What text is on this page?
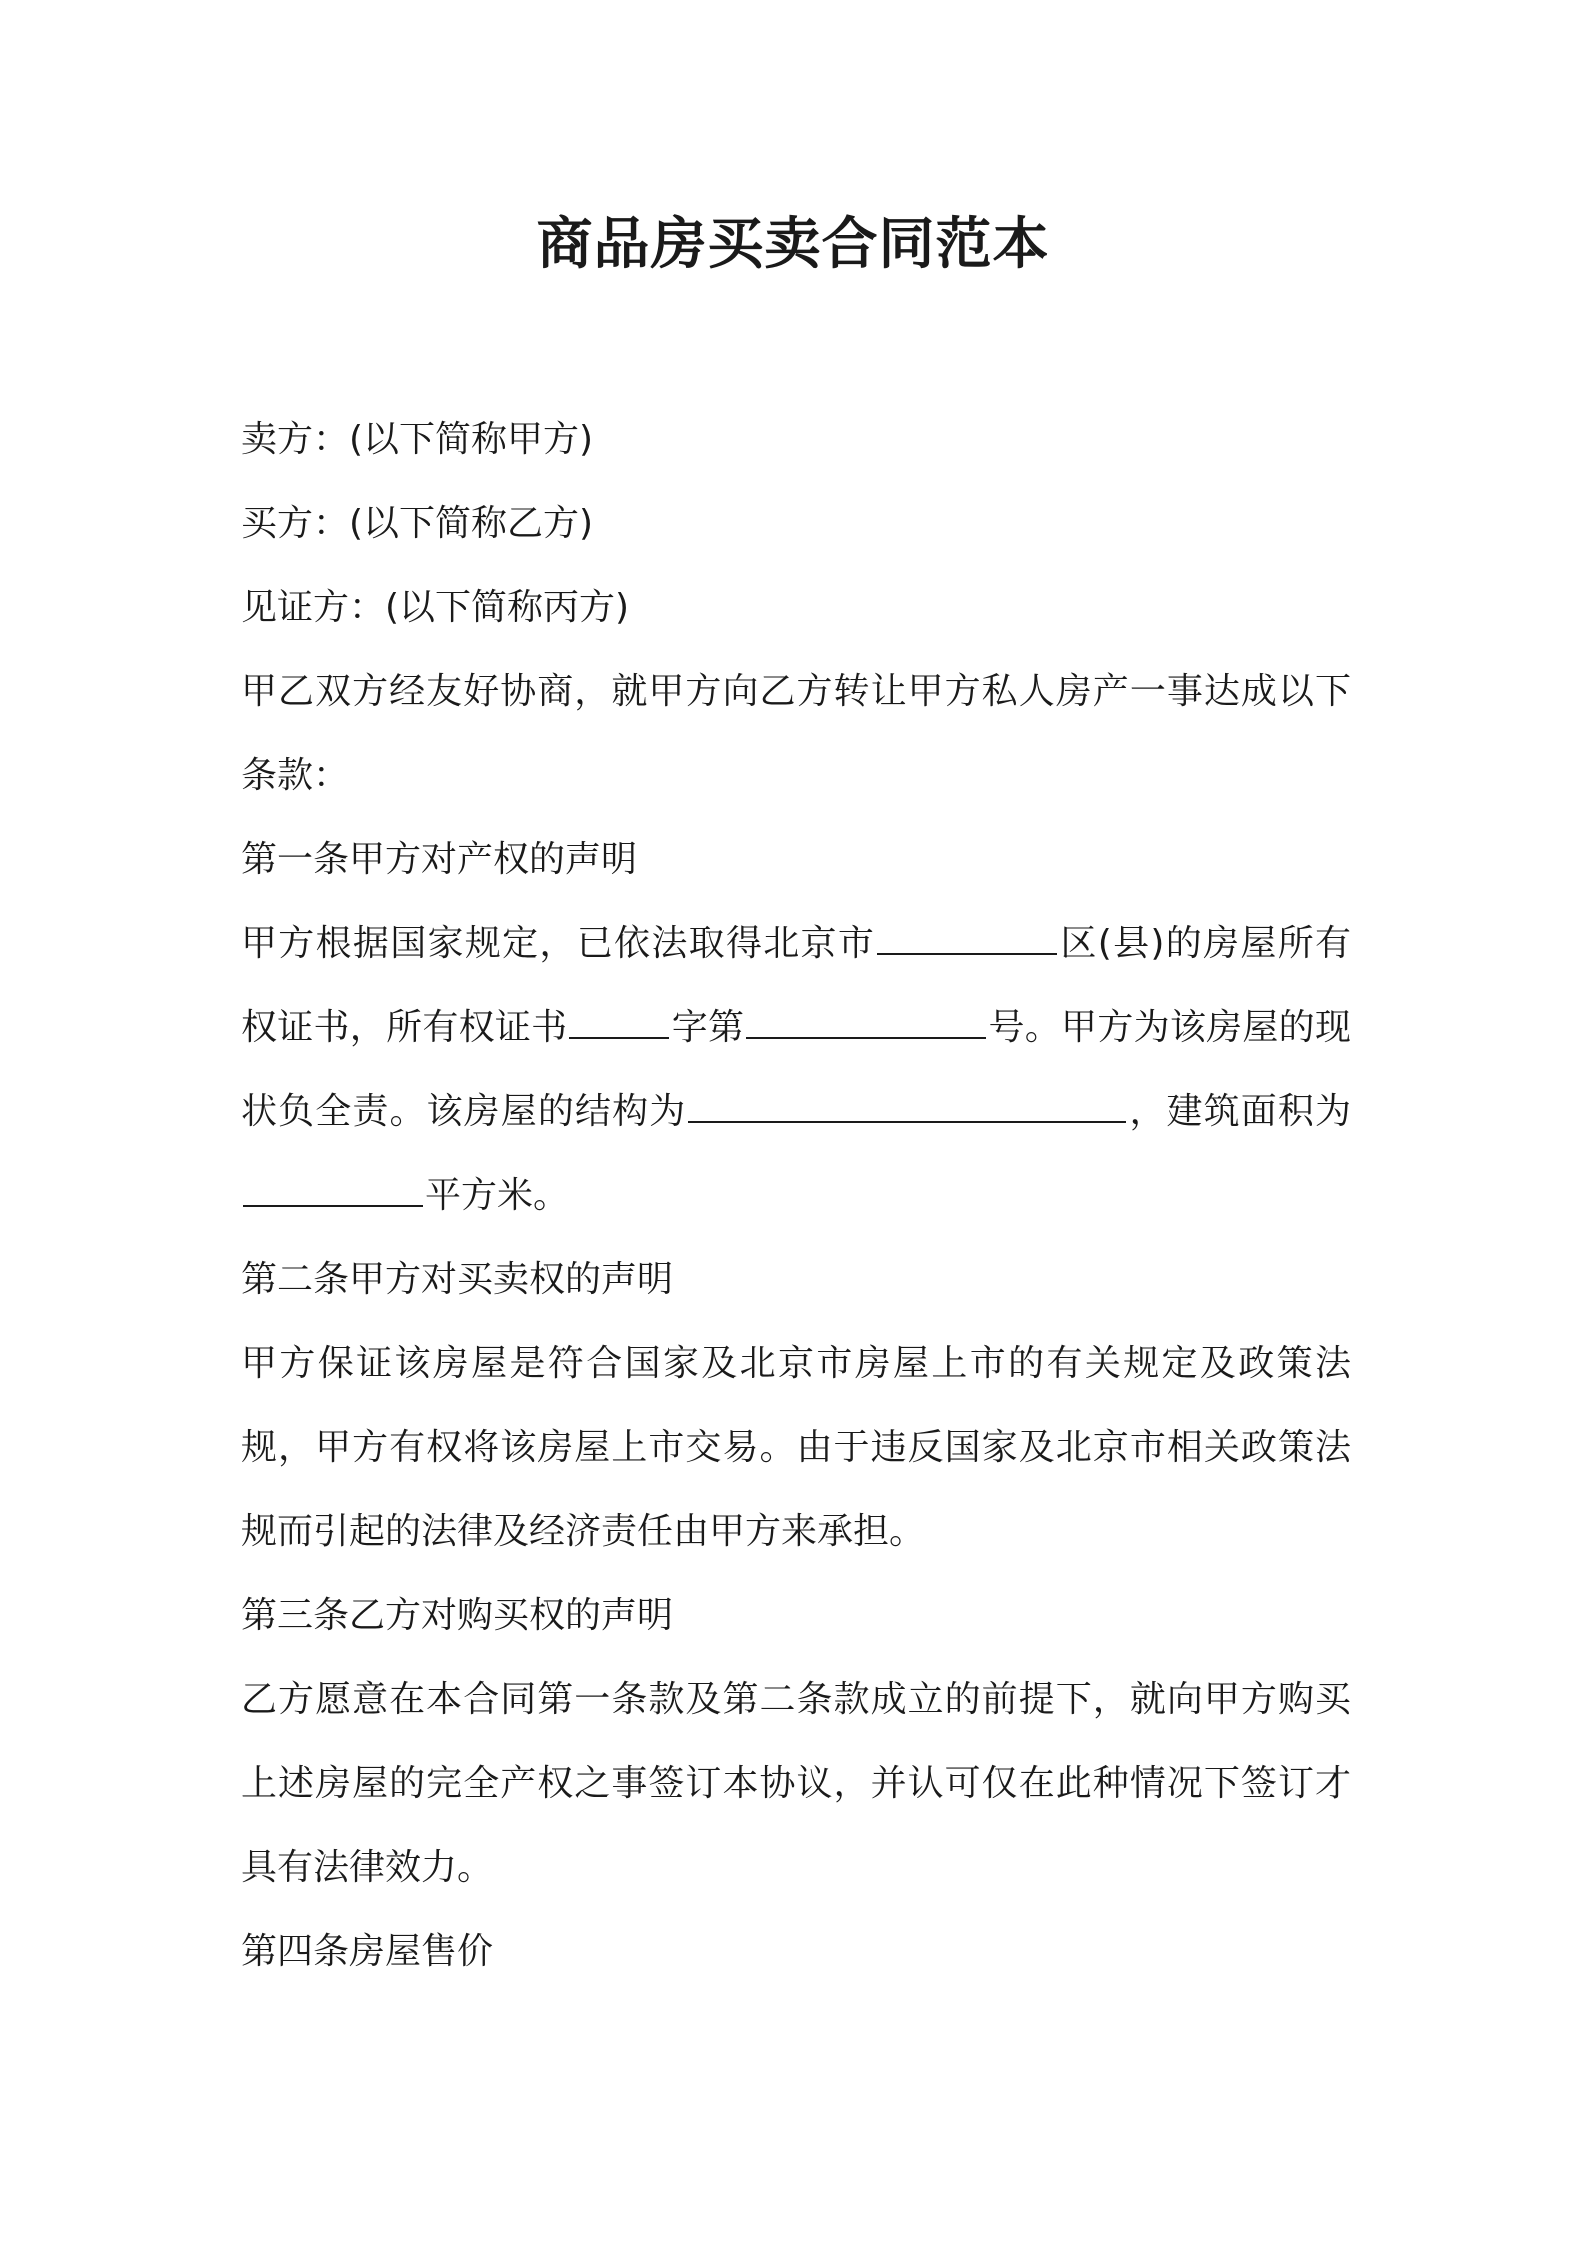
商品房买卖合同范本

卖方：(以下简称甲方)

买方：(以下简称乙方)

见证方：(以下简称丙方)

甲乙双方经友好协商，就甲方向乙方转让甲方私人房产一事达成以下条款：

第一条甲方对产权的声明

甲方根据国家规定，已依法取得北京市	区(县)的房屋所有权证书，所有权证书	字第	号。甲方为该房屋的现状负全责。该房屋的结构为	，建筑面积为平方米。

第二条甲方对买卖权的声明

甲方保证该房屋是符合国家及北京市房屋上市的有关规定及政策法规，甲方有权将该房屋上市交易。由于违反国家及北京市相关政策法规而引起的法律及经济责任由甲方来承担。

第三条乙方对购买权的声明

乙方愿意在本合同第一条款及第二条款成立的前提下，就向甲方购买上述房屋的完全产权之事签订本协议，并认可仅在此种情况下签订才具有法律效力。

第四条房屋售价
